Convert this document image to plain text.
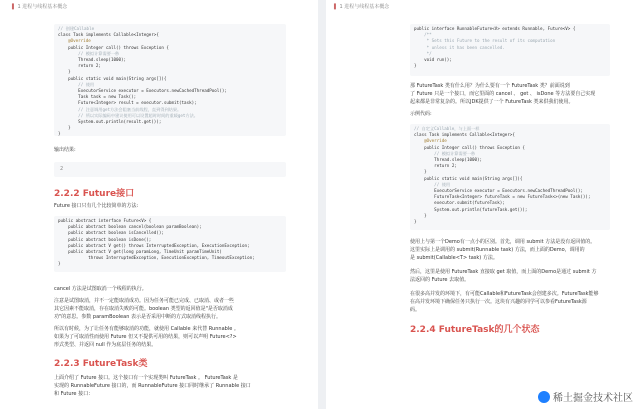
▌ 1 进程与线程基本概念
// 创建Callable
class Task implements Callable<Integer>{
@Override
public Integer call() throws Exception {
// 模拟计算需要一秒
Thread.sleep(1000);
return 2;
}
public static void main(String args[]){
// 使用
ExecutorService executor = Executors.newCachedThreadPool();
Task task = new Task();
Future<Integer> result = executor.submit(task);
// 注意调用get方法会阻塞当前线程，直到得到结果。
// 所以实际编码中建议使用可以设置超时时间的重载get方法。
System.out.println(result.get());
}
}
输出结果:
2
2.2.2 Future接口
Future 接口只有几个比较简单的方法:
public abstract interface Future<V> {
public abstract boolean cancel(boolean paramBoolean);
public abstract boolean isCancelled();
public abstract boolean isDone();
public abstract V get() throws InterruptedException, ExecutionException;
public abstract V get(long paramLong, TimeUnit paramTimeUnit)
throws InterruptedException, ExecutionException, TimeoutException;
}
cancel 方法是试图取消一个线程的执行。
注意是试图取消，并不一定能取消成功。因为任务可能已完成、已取消、或者一些
其它因素不能取消，存在取消失败的可能。boolean 类型的返回值是"是否取消成
功"的意思。参数 paramBoolean 表示是否采用中断的方式取消线程执行。
所以有时候，为了让任务有能够取消的功能，就使用 Callable 来代替 Runnable 。
如果为了可取消性而使用 Future 但又不提供可用的结果，则可以声明 Future<?>
形式类型、并返回 null 作为底层任务的结果。
2.2.3 FutureTask类
上面介绍了 Future 接口。这个接口有一个实现类叫 FutureTask 。 FutureTask 是
实现的 RunnableFuture 接口的，而 RunnableFuture 接口同时继承了 Runnable 接口
和 Future 接口：
▌ 1 进程与线程基本概念
public interface RunnableFuture<V> extends Runnable, Future<V> {
/**
* Sets this Future to the result of its computation
* unless it has been cancelled.
*/
void run();
}
那 FutureTask 类有什么用？为什么要有一个 FutureTask 类？前面说到
了 Future 只是一个接口，而它里面的 cancel 、 get 、 isDone 等方法要自己实现
起来都是非常复杂的。所以JDK提供了一个 FutureTask 类来供我们使用。
示例代码:
// 自定义Callable，与上面一样
class Task implements Callable<Integer>{
@Override
public Integer call() throws Exception {
// 模拟计算需要一秒
Thread.sleep(1000);
return 2;
}
public static void main(String args[]){
// 使用
ExecutorService executor = Executors.newCachedThreadPool();
FutureTask<Integer> futureTask = new FutureTask<>(new Task());
executor.submit(futureTask);
System.out.println(futureTask.get());
}
}
使用上与第一个Demo有一点小的区别。首先，调用 submit 方法是没有返回值的。
这里实际上是调用的 submit(Runnable task) 方法，而上面的Demo，调用的
是 submit(Callable<T> task) 方法。
然后，这里是使用 FutureTask 直接取 get 取值，而上面的Demo是通过 submit 方
法返回的 Future 去取值。
在很多高并发的环境下，有可能Callable和FutureTask会创建多次。FutureTask能够
在高并发环境下确保任务只执行一次。这块有兴趣的同学可以参看FutureTask源
码。
2.2.4 FutureTask的几个状态
稀土掘金技术社区
